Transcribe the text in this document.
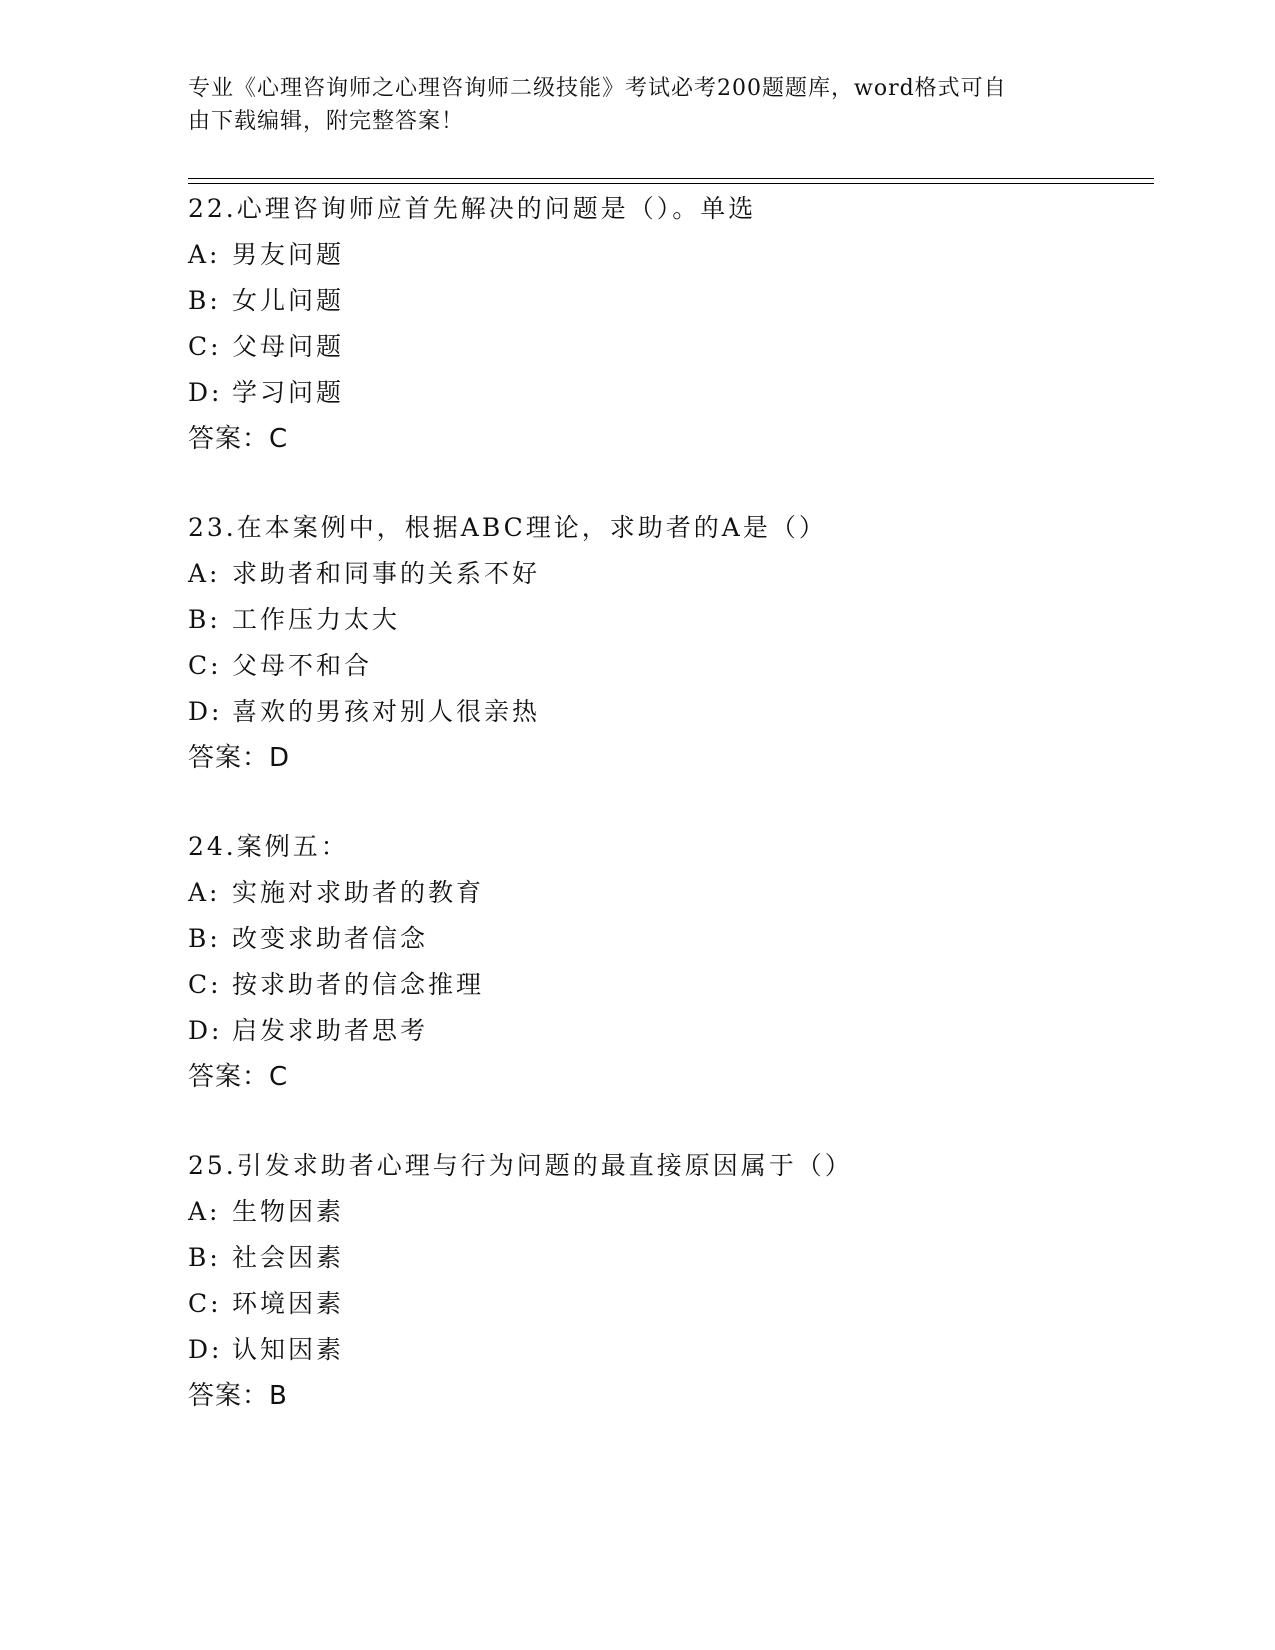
专业《心理咨询师之心理咨询师二级技能》考试必考200题题库，word格式可自
由下载编辑，附完整答案！
22.心理咨询师应首先解决的问题是（）。单选
A: 男友问题
B: 女儿问题
C: 父母问题
D: 学习问题
答案：C
23.在本案例中，根据ABC理论，求助者的A是（）
A: 求助者和同事的关系不好
B: 工作压力太大
C: 父母不和合
D: 喜欢的男孩对别人很亲热
答案：D
24.案例五：
A: 实施对求助者的教育
B: 改变求助者信念
C: 按求助者的信念推理
D: 启发求助者思考
答案：C
25.引发求助者心理与行为问题的最直接原因属于（）
A: 生物因素
B: 社会因素
C: 环境因素
D: 认知因素
答案：B
